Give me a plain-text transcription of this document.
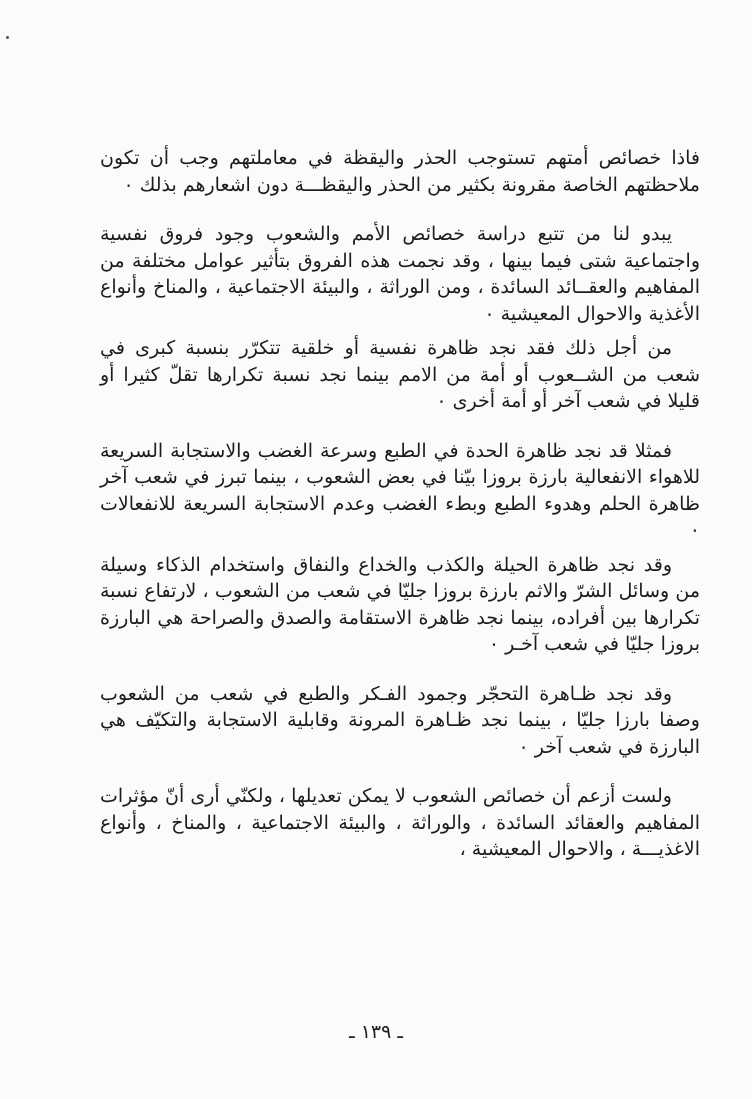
فاذا خصائص أمتهم تستوجب الحذر واليقظة في معاملتهم وجب أن تكون ملاحظتهم الخاصة مقرونة بكثير من الحذر واليقظـــة دون اشعارهم بذلك ٠

يبدو لنا من تتبع دراسة خصائص الأمم والشعوب وجود فروق نفسية واجتماعية شتى فيما بينها ، وقد نجمت هذه الفروق بتأثير عوامل مختلفة من المفاهيم والعقــائد السائدة ، ومن الوراثة ، والبيئة الاجتماعية ، والمناخ وأنواع الأغذية والاحوال المعيشية ٠

من أجل ذلك فقد نجد ظاهرة نفسية أو خلقية تتكرّر بنسبة كبرى في شعب من الشــعوب أو أمة من الامم بينما نجد نسبة تكرارها تقلّ كثيرا أو قليلا في شعب آخر أو أمة أخرى ٠

فمثلا قد نجد ظاهرة الحدة في الطبع وسرعة الغضب والاستجابة السريعة للاهواء الانفعالية بارزة بروزا بيّنا في بعض الشعوب ، بينما تبرز في شعب آخر ظاهرة الحلم وهدوء الطبع وبطء الغضب وعدم الاستجابة السريعة للانفعالات ٠

وقد نجد ظاهرة الحيلة والكذب والخداع والنفاق واستخدام الذكاء وسيلة من وسائل الشرّ والاثم بارزة بروزا جليّا في شعب من الشعوب ، لارتفاع نسبة تكرارها بين أفراده، بينما نجد ظاهرة الاستقامة والصدق والصراحة هي البارزة بروزا جليّا في شعب آخـر ٠

وقد نجد ظـاهرة التحجّر وجمود الفـكر والطبع في شعب من الشعوب وصفا بارزا جليّا ، بينما نجد ظـاهرة المرونة وقابلية الاستجابة والتكيّف هي البارزة في شعب آخر ٠

ولست أزعم أن خصائص الشعوب لا يمكن تعديلها ، ولكنّي أرى أنّ مؤثرات المفاهيم والعقائد السائدة ، والوراثة ، والبيئة الاجتماعية ، والمناخ ، وأنواع الاغذيـــة ، والاحوال المعيشية ،

ـ ١٣٩ ـ
